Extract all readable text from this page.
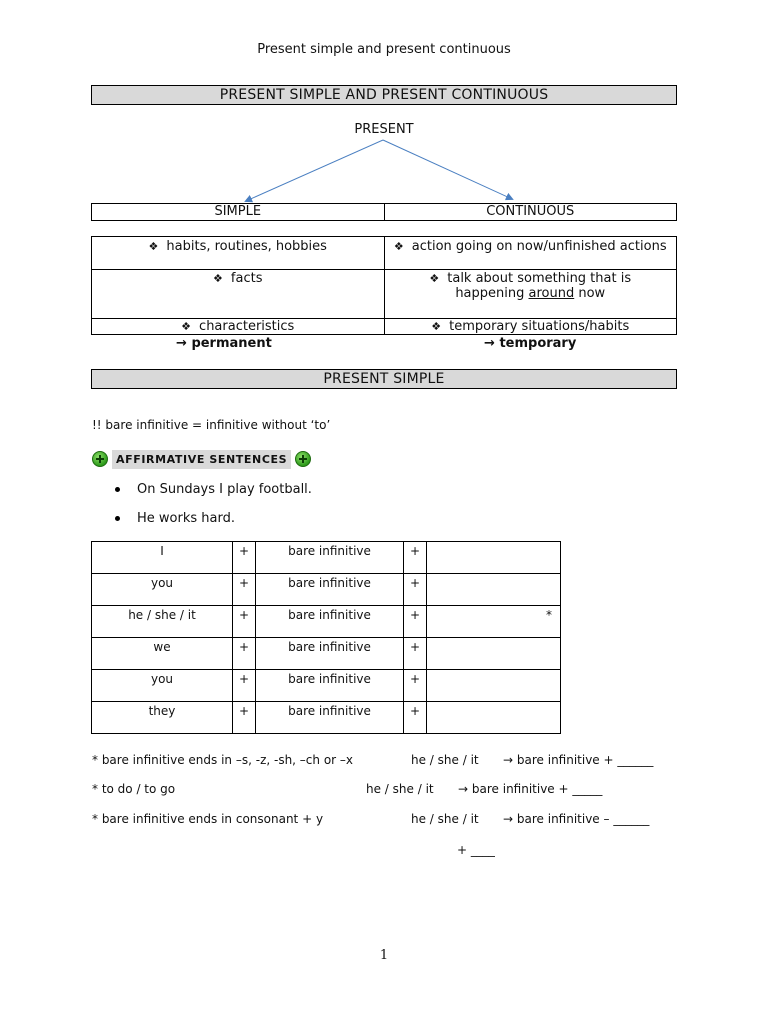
Present simple and present continuous
PRESENT SIMPLE AND PRESENT CONTINUOUS
PRESENT
SIMPLE	CONTINUOUS
❖ habits, routines, hobbies	❖ action going on now/unfinished actions
❖ facts	❖ talk about something that is happening around now
❖ characteristics	❖ temporary situations/habits
→ permanent	→ temporary
PRESENT SIMPLE
!! bare infinitive = infinitive without ‘to’
AFFIRMATIVE SENTENCES
On Sundays I play football.
He works hard.
I	+	bare infinitive	+	
you	+	bare infinitive	+	
he / she / it	+	bare infinitive	+	*
we	+	bare infinitive	+	
you	+	bare infinitive	+	
they	+	bare infinitive	+	
* bare infinitive ends in –s, -z, -sh, –ch or –x	he / she / it → bare infinitive + ______
* to do / to go	he / she / it → bare infinitive + _____
* bare infinitive ends in consonant + y	he / she / it → bare infinitive – ______
+ ____
1
